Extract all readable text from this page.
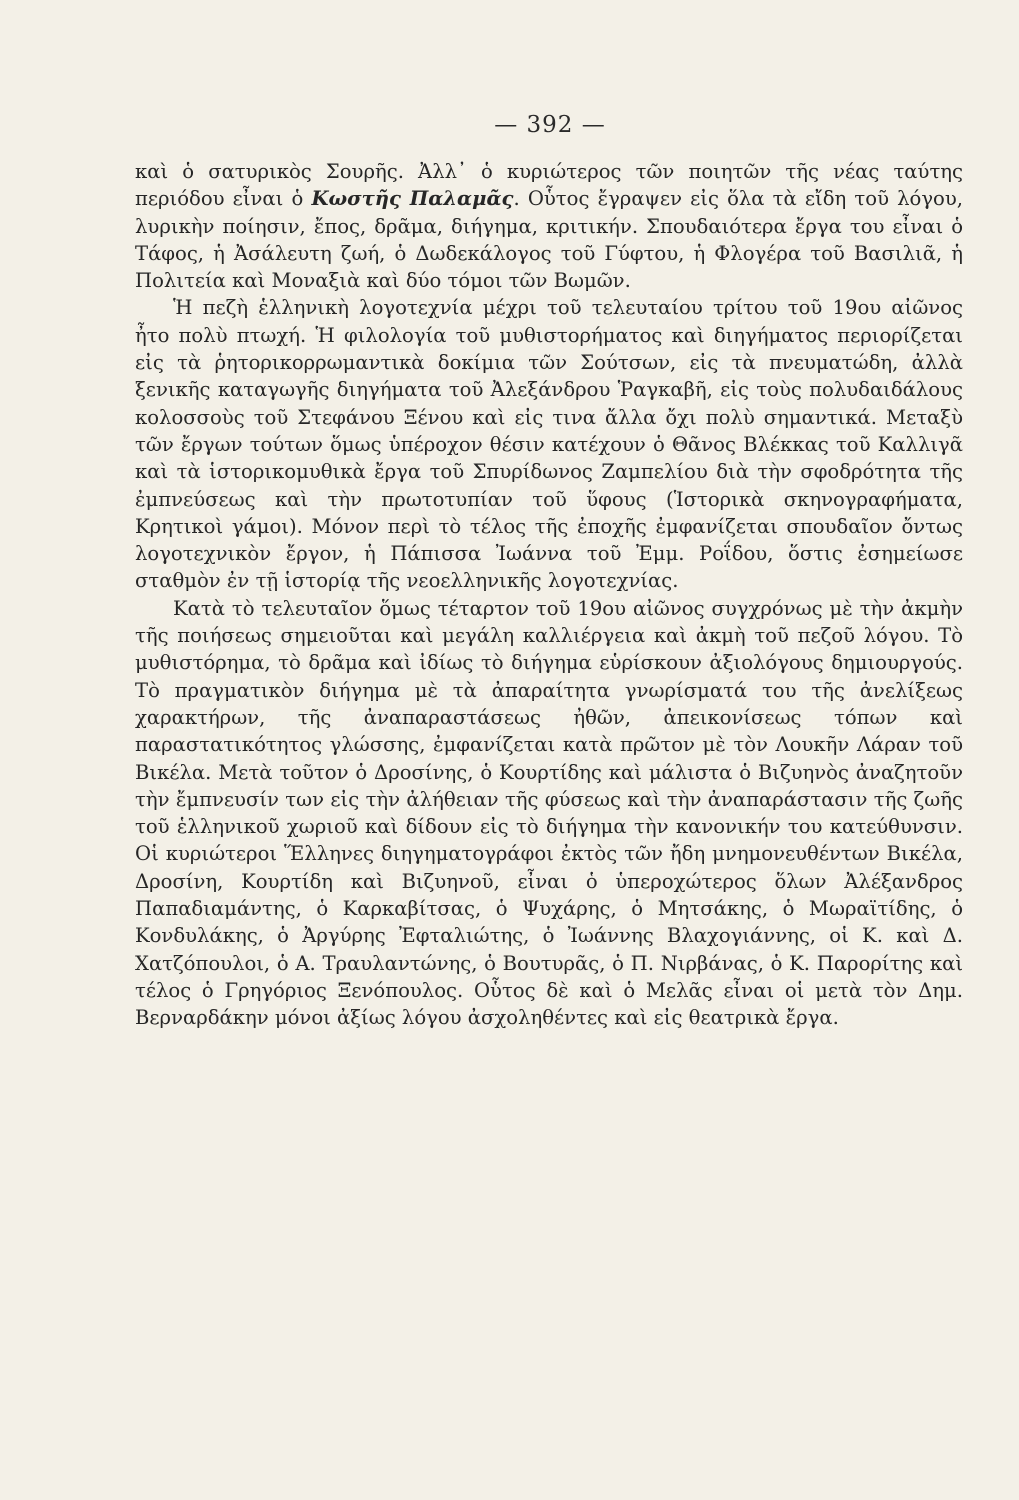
— 392 —

καὶ ὁ σατυρικὸς Σουρῆς. Ἀλλ᾽ ὁ κυριώτερος τῶν ποιητῶν τῆς νέας ταύτης περιόδου εἶναι ὁ Κωστῆς Παλαμᾶς. Οὗτος ἔγραψεν εἰς ὅλα τὰ εἴδη τοῦ λόγου, λυρικὴν ποίησιν, ἔπος, δρᾶμα, διήγημα, κριτικήν. Σπουδαιότερα ἔργα του εἶναι ὁ Τάφος, ἡ Ἀσάλευτη ζωή, ὁ Δωδεκάλογος τοῦ Γύφτου, ἡ Φλογέρα τοῦ Βασιλιᾶ, ἡ Πολιτεία καὶ Μοναξιὰ καὶ δύο τόμοι τῶν Βωμῶν.

Ἡ πεζὴ ἑλληνικὴ λογοτεχνία μέχρι τοῦ τελευταίου τρίτου τοῦ 19ου αἰῶνος ἦτο πολὺ πτωχή. Ἡ φιλολογία τοῦ μυθιστορήματος καὶ διηγήματος περιορίζεται εἰς τὰ ῥητορικορρωμαντικὰ δοκίμια τῶν Σούτσων, εἰς τὰ πνευματώδη, ἀλλὰ ξενικῆς καταγωγῆς διηγήματα τοῦ Ἀλεξάνδρου Ῥαγκαβῆ, εἰς τοὺς πολυδαιδάλους κολοσσοὺς τοῦ Στεφάνου Ξένου καὶ εἰς τινα ἄλλα ὄχι πολὺ σημαντικά. Μεταξὺ τῶν ἔργων τούτων ὅμως ὑπέροχον θέσιν κατέχουν ὁ Θᾶνος Βλέκκας τοῦ Καλλιγᾶ καὶ τὰ ἱστορικομυθικὰ ἔργα τοῦ Σπυρίδωνος Ζαμπελίου διὰ τὴν σφοδρότητα τῆς ἐμπνεύσεως καὶ τὴν πρωτοτυπίαν τοῦ ὕφους (Ἱστορικὰ σκηνογραφήματα, Κρητικοὶ γάμοι). Μόνον περὶ τὸ τέλος τῆς ἐποχῆς ἐμφανίζεται σπουδαῖον ὄντως λογοτεχνικὸν ἔργον, ἡ Πάπισσα Ἰωάννα τοῦ Ἐμμ. Ροΐδου, ὅστις ἐσημείωσε σταθμὸν ἐν τῇ ἱστορίᾳ τῆς νεοελληνικῆς λογοτεχνίας.

Κατὰ τὸ τελευταῖον ὅμως τέταρτον τοῦ 19ου αἰῶνος συγχρόνως μὲ τὴν ἀκμὴν τῆς ποιήσεως σημειοῦται καὶ μεγάλη καλλιέργεια καὶ ἀκμὴ τοῦ πεζοῦ λόγου. Τὸ μυθιστόρημα, τὸ δρᾶμα καὶ ἰδίως τὸ διήγημα εὑρίσκουν ἀξιολόγους δημιουργούς. Τὸ πραγματικὸν διήγημα μὲ τὰ ἀπαραίτητα γνωρίσματά του τῆς ἀνελίξεως χαρακτήρων, τῆς ἀναπαραστάσεως ἠθῶν, ἀπεικονίσεως τόπων καὶ παραστατικότητος γλώσσης, ἐμφανίζεται κατὰ πρῶτον μὲ τὸν Λουκῆν Λάραν τοῦ Βικέλα. Μετὰ τοῦτον ὁ Δροσίνης, ὁ Κουρτίδης καὶ μάλιστα ὁ Βιζυηνὸς ἀναζητοῦν τὴν ἔμπνευσίν των εἰς τὴν ἀλήθειαν τῆς φύσεως καὶ τὴν ἀναπαράστασιν τῆς ζωῆς τοῦ ἑλληνικοῦ χωριοῦ καὶ δίδουν εἰς τὸ διήγημα τὴν κανονικήν του κατεύθυνσιν. Οἱ κυριώτεροι Ἕλληνες διηγηματογράφοι ἐκτὸς τῶν ἤδη μνημονευθέντων Βικέλα, Δροσίνη, Κουρτίδη καὶ Βιζυηνοῦ, εἶναι ὁ ὑπεροχώτερος ὅλων Ἀλέξανδρος Παπαδιαμάντης, ὁ Καρκαβίτσας, ὁ Ψυχάρης, ὁ Μητσάκης, ὁ Μωραϊτίδης, ὁ Κονδυλάκης, ὁ Ἀργύρης Ἐφταλιώτης, ὁ Ἰωάννης Βλαχογιάννης, οἱ Κ. καὶ Δ. Χατζόπουλοι, ὁ Α. Τραυλαντώνης, ὁ Βουτυρᾶς, ὁ Π. Νιρβάνας, ὁ Κ. Παρορίτης καὶ τέλος ὁ Γρηγόριος Ξενόπουλος. Οὗτος δὲ καὶ ὁ Μελᾶς εἶναι οἱ μετὰ τὸν Δημ. Βερναρδάκην μόνοι ἀξίως λόγου ἀσχοληθέντες καὶ εἰς θεατρικὰ ἔργα.
